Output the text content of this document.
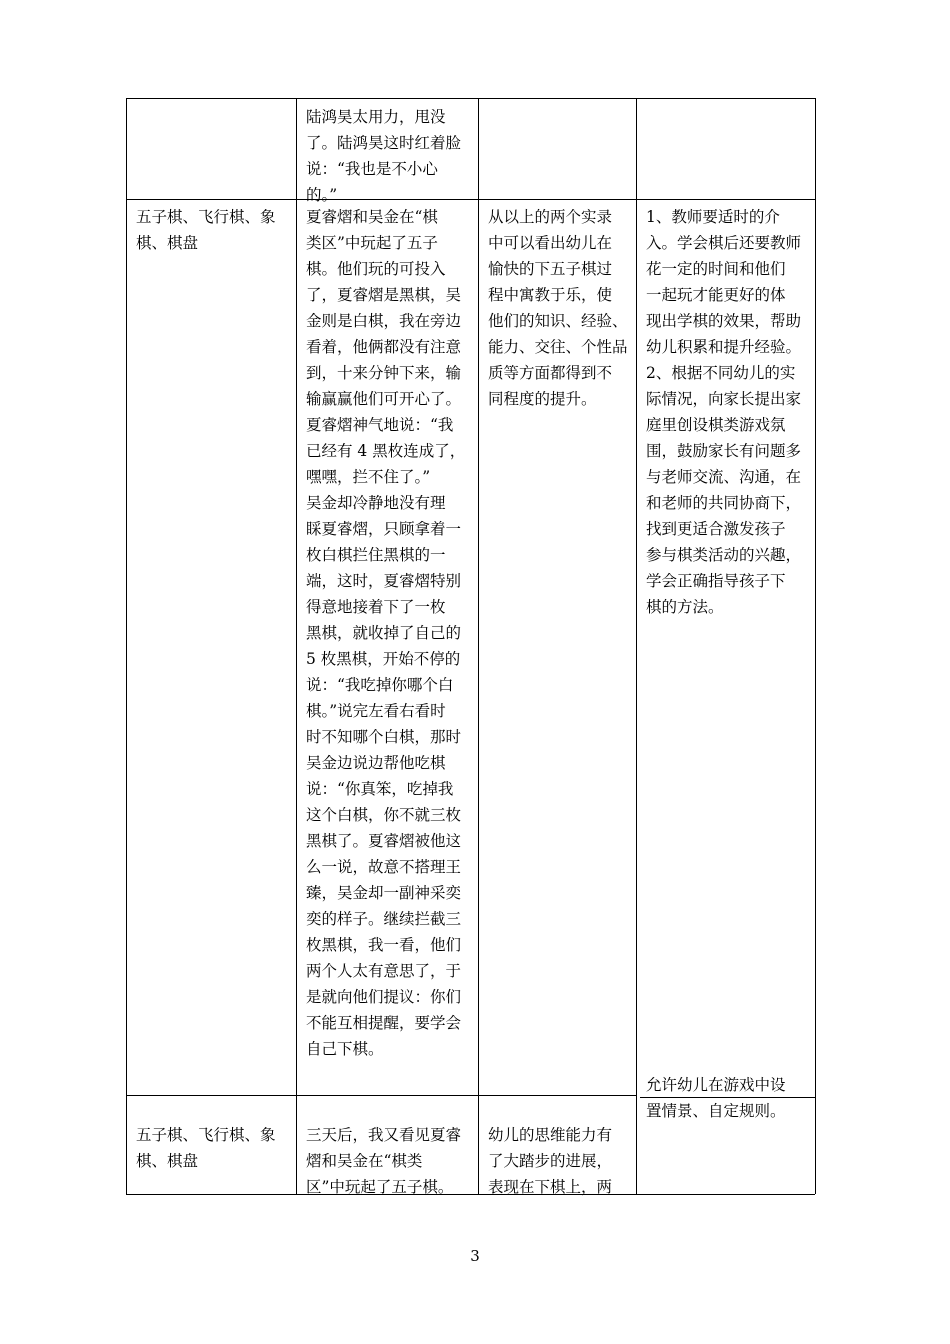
陆鸿昊太用力，甩没
了。陆鸿昊这时红着脸
说：“我也是不小心
的。”
五子棋、飞行棋、象
棋、棋盘
夏睿熠和吴金在“棋
类区”中玩起了五子
棋。他们玩的可投入
了，夏睿熠是黑棋，吴
金则是白棋，我在旁边
看着，他俩都没有注意
到，十来分钟下来，输
输赢赢他们可开心了。
夏睿熠神气地说：“我
已经有 4 黑枚连成了，
嘿嘿，拦不住了。”
吴金却冷静地没有理
睬夏睿熠，只顾拿着一
枚白棋拦住黑棋的一
端，这时，夏睿熠特别
得意地接着下了一枚
黑棋，就收掉了自己的
5 枚黑棋，开始不停的
说：“我吃掉你哪个白
棋。”说完左看右看时
时不知哪个白棋，那时
吴金边说边帮他吃棋
说：“你真笨，吃掉我
这个白棋，你不就三枚
黑棋了。夏睿熠被他这
么一说，故意不搭理王
臻，吴金却一副神采奕
奕的样子。继续拦截三
枚黑棋，我一看，他们
两个人太有意思了，于
是就向他们提议：你们
不能互相提醒，要学会
自己下棋。
从以上的两个实录
中可以看出幼儿在
愉快的下五子棋过
程中寓教于乐，使
他们的知识、经验、
能力、交往、个性品
质等方面都得到不
同程度的提升。
1、教师要适时的介
入。学会棋后还要教师
花一定的时间和他们
一起玩才能更好的体
现出学棋的效果，帮助
幼儿积累和提升经验。
2、根据不同幼儿的实
际情况，向家长提出家
庭里创设棋类游戏氛
围，鼓励家长有问题多
与老师交流、沟通，在
和老师的共同协商下，
找到更适合激发孩子
参与棋类活动的兴趣，
学会正确指导孩子下
棋的方法。
允许幼儿在游戏中设
置情景、自定规则。
五子棋、飞行棋、象
棋、棋盘
三天后，我又看见夏睿
熠和吴金在“棋类
区”中玩起了五子棋。
幼儿的思维能力有
了大踏步的进展，
表现在下棋上，两
3
